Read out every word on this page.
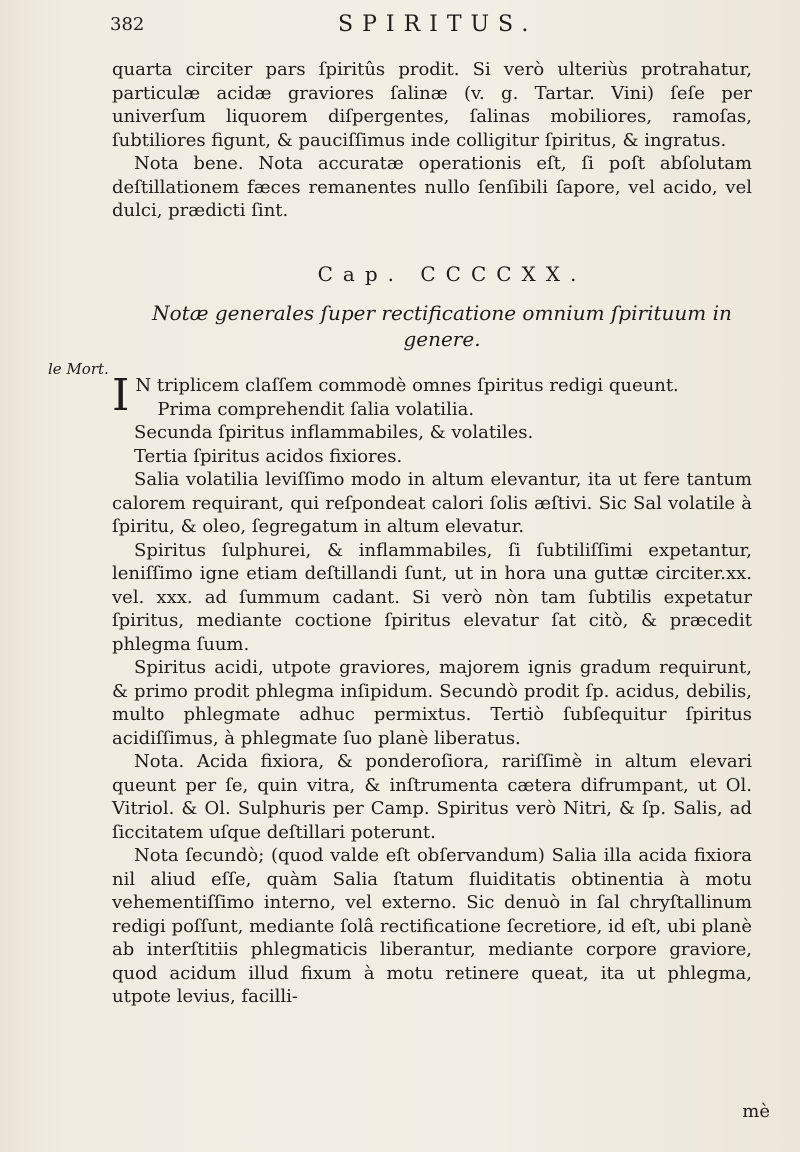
382	SPIRITUS.
le Mort.

quarta circiter pars ſpiritûs prodit. Si verò ulteriùs protrahatur, particulæ acidæ graviores ſalinæ (v. g. Tartar. Vini) ſeſe per univerſum liquorem diſpergentes, ſalinas mobiliores, ramoſas, ſubtiliores figunt, & pauciſſimus inde colligitur ſpiritus, & ingratus.

Nota bene. Nota accuratæ operationis eſt, ſi poſt abſolutam deſtillationem fæces remanentes nullo ſenſibili ſapore, vel acido, vel dulci, prædicti ſint.

Cap. CCCCXX.
Notæ generales ſuper rectificatione omnium ſpirituum in genere.

I N triplicem claſſem commodè omnes ſpiritus redigi queunt.

Prima comprehendit ſalia volatilia.

Secunda ſpiritus inflammabiles, & volatiles.

Tertia ſpiritus acidos fixiores.

Salia volatilia leviſſimo modo in altum elevantur, ita ut fere tantum calorem requirant, qui reſpondeat calori ſolis æſtivi. Sic Sal volatile à ſpiritu, & oleo, ſegregatum in altum elevatur.

Spiritus ſulphurei, & inflammabiles, ſi ſubtiliſſimi expetantur, leniſſimo igne etiam deſtillandi ſunt, ut in hora una guttæ circiter.xx. vel. xxx. ad ſummum cadant. Si verò nòn tam ſubtilis expetatur ſpiritus, mediante coctione ſpiritus elevatur ſat citò, & præcedit phlegma ſuum.

Spiritus acidi, utpote graviores, majorem ignis gradum requirunt, & primo prodit phlegma inſipidum. Secundò prodit ſp. acidus, debilis, multo phlegmate adhuc permixtus. Tertiò ſubſequitur ſpiritus acidiſſimus, à phlegmate ſuo planè liberatus.

Nota. Acida fixiora, & ponderoſiora, rariſſimè in altum elevari queunt per ſe, quin vitra, & inſtrumenta cætera difrumpant, ut Ol. Vitriol. & Ol. Sulphuris per Camp. Spiritus verò Nitri, & ſp. Salis, ad ſiccitatem uſque deſtillari poterunt.

Nota ſecundò; (quod valde eſt obſervandum) Salia illa acida fixiora nil aliud eſſe, quàm Salia ſtatum fluiditatis obtinentia à motu vehementiſſimo interno, vel externo. Sic denuò in ſal chryſtallinum redigi poſſunt, mediante ſolâ rectificatione ſecretiore, id eſt, ubi planè ab interſtitiis phlegmaticis liberantur, mediante corpore graviore, quod acidum illud fixum à motu retinere queat, ita ut phlegma, utpote levius, facilli-

mè
